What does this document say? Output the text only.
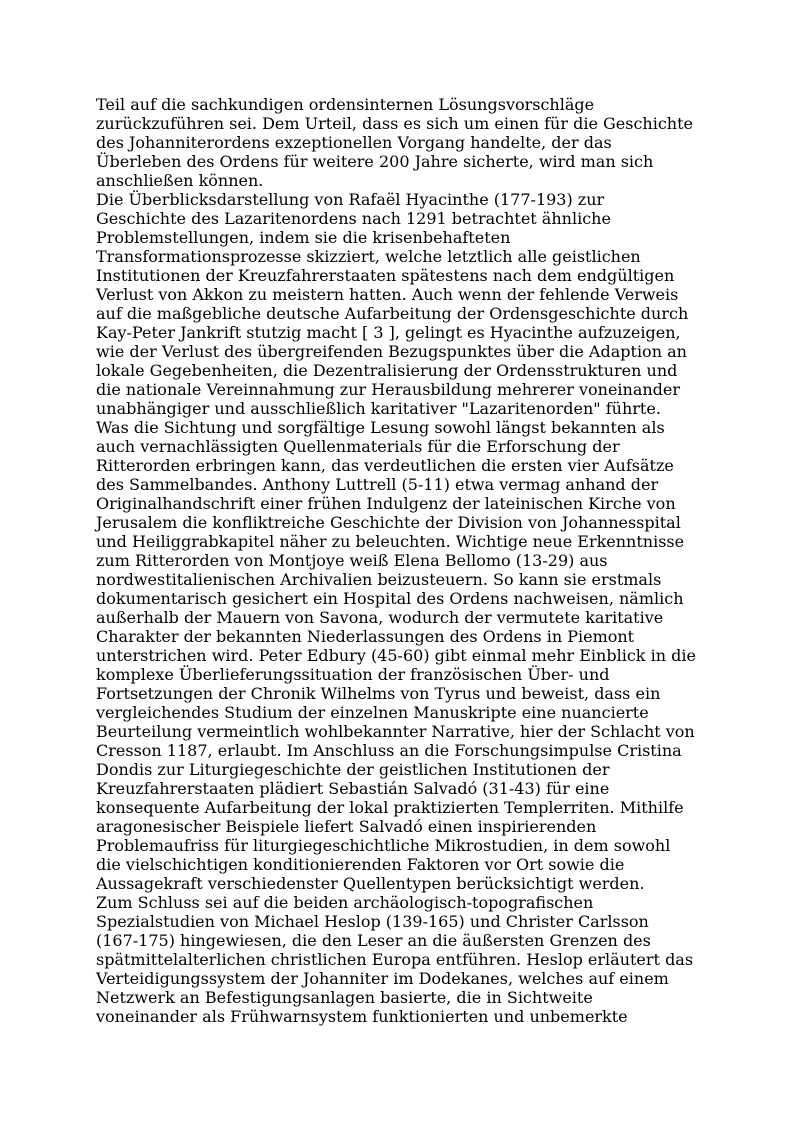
Teil auf die sachkundigen ordensinternen Lösungsvorschläge
zurückzuführen sei. Dem Urteil, dass es sich um einen für die Geschichte
des Johanniterordens exzeptionellen Vorgang handelte, der das
Überleben des Ordens für weitere 200 Jahre sicherte, wird man sich
anschließen können.

Die Überblicksdarstellung von Rafaël Hyacinthe (177-193) zur
Geschichte des Lazaritenordens nach 1291 betrachtet ähnliche
Problemstellungen, indem sie die krisenbehafteten
Transformationsprozesse skizziert, welche letztlich alle geistlichen
Institutionen der Kreuzfahrerstaaten spätestens nach dem endgültigen
Verlust von Akkon zu meistern hatten. Auch wenn der fehlende Verweis
auf die maßgebliche deutsche Aufarbeitung der Ordensgeschichte durch
Kay-Peter Jankrift stutzig macht [ 3 ], gelingt es Hyacinthe aufzuzeigen,
wie der Verlust des übergreifenden Bezugspunktes über die Adaption an
lokale Gegebenheiten, die Dezentralisierung der Ordensstrukturen und
die nationale Vereinnahmung zur Herausbildung mehrerer voneinander
unabhängiger und ausschließlich karitativer "Lazaritenorden" führte.

Was die Sichtung und sorgfältige Lesung sowohl längst bekannten als
auch vernachlässigten Quellenmaterials für die Erforschung der
Ritterorden erbringen kann, das verdeutlichen die ersten vier Aufsätze
des Sammelbandes. Anthony Luttrell (5-11) etwa vermag anhand der
Originalhandschrift einer frühen Indulgenz der lateinischen Kirche von
Jerusalem die konfliktreiche Geschichte der Division von Johannesspital
und Heiliggrabkapitel näher zu beleuchten. Wichtige neue Erkenntnisse
zum Ritterorden von Montjoye weiß Elena Bellomo (13-29) aus
nordwestitalienischen Archivalien beizusteuern. So kann sie erstmals
dokumentarisch gesichert ein Hospital des Ordens nachweisen, nämlich
außerhalb der Mauern von Savona, wodurch der vermutete karitative
Charakter der bekannten Niederlassungen des Ordens in Piemont
unterstrichen wird. Peter Edbury (45-60) gibt einmal mehr Einblick in die
komplexe Überlieferungssituation der französischen Über- und
Fortsetzungen der Chronik Wilhelms von Tyrus und beweist, dass ein
vergleichendes Studium der einzelnen Manuskripte eine nuancierte
Beurteilung vermeintlich wohlbekannter Narrative, hier der Schlacht von
Cresson 1187, erlaubt. Im Anschluss an die Forschungsimpulse Cristina
Dondis zur Liturgiegeschichte der geistlichen Institutionen der
Kreuzfahrerstaaten plädiert Sebastián Salvadó (31-43) für eine
konsequente Aufarbeitung der lokal praktizierten Templerriten. Mithilfe
aragonesischer Beispiele liefert Salvadó einen inspirierenden
Problemaufriss für liturgiegeschichtliche Mikrostudien, in dem sowohl
die vielschichtigen konditionierenden Faktoren vor Ort sowie die
Aussagekraft verschiedenster Quellentypen berücksichtigt werden.

Zum Schluss sei auf die beiden archäologisch-topografischen
Spezialstudien von Michael Heslop (139-165) und Christer Carlsson
(167-175) hingewiesen, die den Leser an die äußersten Grenzen des
spätmittelalterlichen christlichen Europa entführen. Heslop erläutert das
Verteidigungssystem der Johanniter im Dodekanes, welches auf einem
Netzwerk an Befestigungsanlagen basierte, die in Sichtweite
voneinander als Frühwarnsystem funktionierten und unbemerkte
